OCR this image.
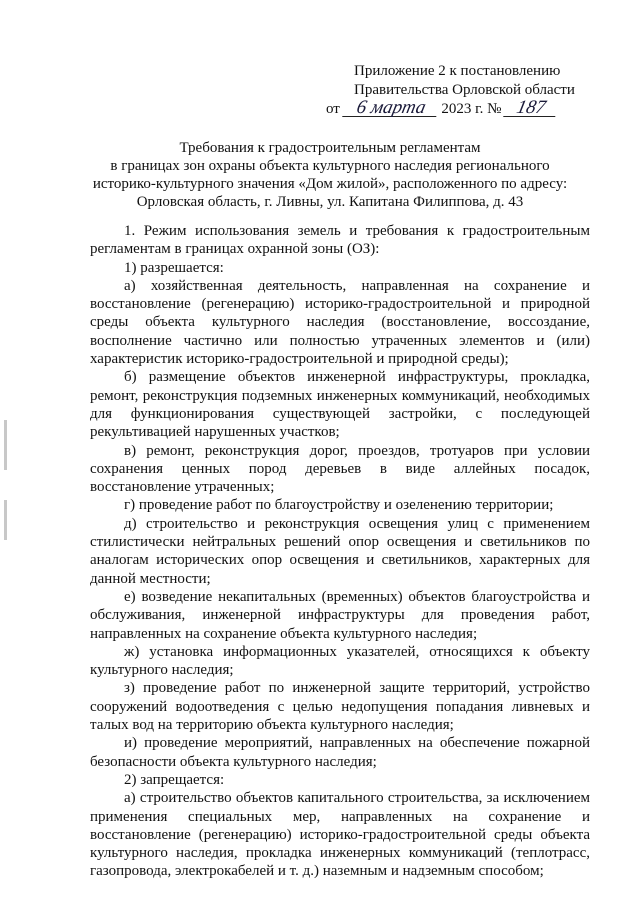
Приложение 2 к постановлению
Правительства Орловской области
от 6 марта 2023 г. № 187
Требования к градостроительным регламентам
в границах зон охраны объекта культурного наследия регионального
историко-культурного значения «Дом жилой», расположенного по адресу:
Орловская область, г. Ливны, ул. Капитана Филиппова, д. 43

1. Режим использования земель и требования к градостроительным регламентам в границах охранной зоны (ОЗ):

1) разрешается:

а) хозяйственная деятельность, направленная на сохранение и восстановление (регенерацию) историко-градостроительной и природной среды объекта культурного наследия (восстановление, воссоздание, восполнение частично или полностью утраченных элементов и (или) характеристик историко-градостроительной и природной среды);

б) размещение объектов инженерной инфраструктуры, прокладка, ремонт, реконструкция подземных инженерных коммуникаций, необходимых для функционирования существующей застройки, с последующей рекультивацией нарушенных участков;

в) ремонт, реконструкция дорог, проездов, тротуаров при условии сохранения ценных пород деревьев в виде аллейных посадок, восстановление утраченных;

г) проведение работ по благоустройству и озеленению территории;

д) строительство и реконструкция освещения улиц с применением стилистически нейтральных решений опор освещения и светильников по аналогам исторических опор освещения и светильников, характерных для данной местности;

е) возведение некапитальных (временных) объектов благоустройства и обслуживания, инженерной инфраструктуры для проведения работ, направленных на сохранение объекта культурного наследия;

ж) установка информационных указателей, относящихся к объекту культурного наследия;

з) проведение работ по инженерной защите территорий, устройство сооружений водоотведения с целью недопущения попадания ливневых и талых вод на территорию объекта культурного наследия;

и) проведение мероприятий, направленных на обеспечение пожарной безопасности объекта культурного наследия;

2) запрещается:

а) строительство объектов капитального строительства, за исключением применения специальных мер, направленных на сохранение и восстановление (регенерацию) историко-градостроительной среды объекта культурного наследия, прокладка инженерных коммуникаций (теплотрасс, газопровода, электрокабелей и т. д.) наземным и надземным способом;
